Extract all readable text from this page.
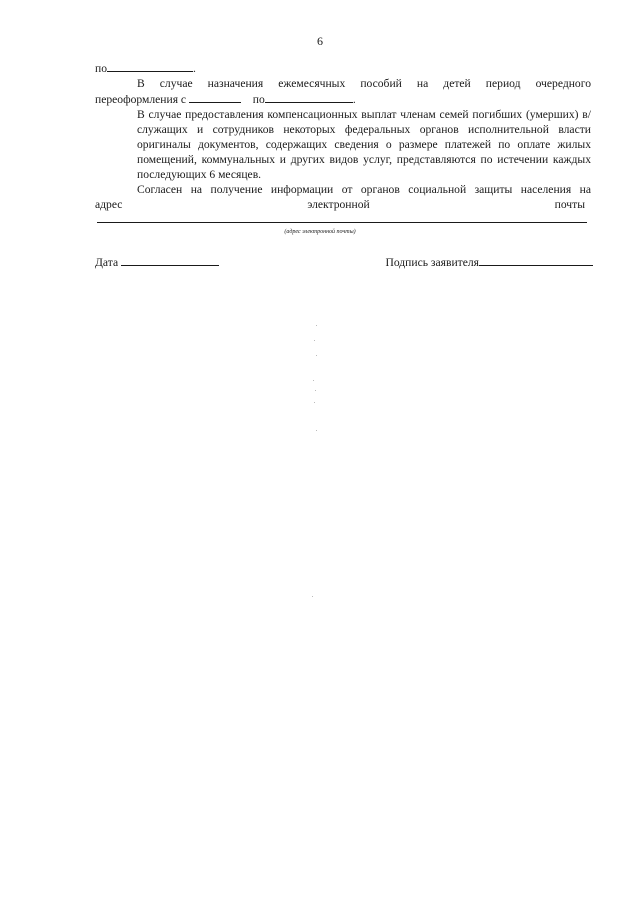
6
по	.
В случае назначения ежемесячных пособий на детей период очередного
переоформления с	по	.
В случае предоставления компенсационных выплат членам семей погибших (умерших) в/служащих и сотрудников некоторых федеральных органов исполнительной власти оригиналы документов, содержащих сведения о размере платежей по оплате жилых помещений, коммунальных и других видов услуг, представляются по истечении каждых последующих 6 месяцев.
Согласен на получение информации от органов социальной защиты населения на
адрес	электронной	почты
(адрес электронной почты)
Дата	Подпись заявителя
